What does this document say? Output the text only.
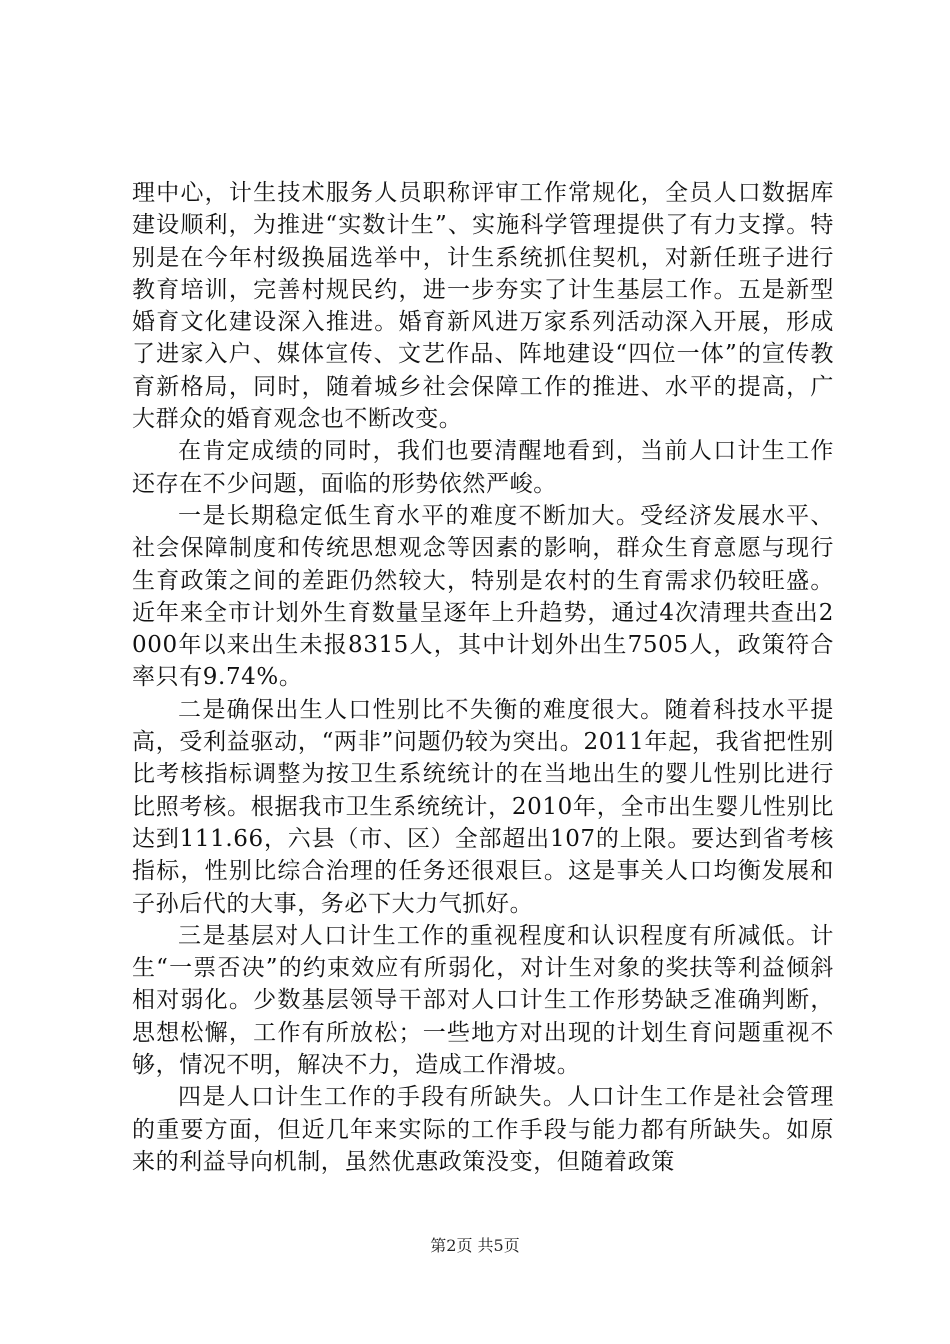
理中心，计生技术服务人员职称评审工作常规化，全员人口数据库建设顺利，为推进“实数计生”、实施科学管理提供了有力支撑。特别是在今年村级换届选举中，计生系统抓住契机，对新任班子进行教育培训，完善村规民约，进一步夯实了计生基层工作。五是新型婚育文化建设深入推进。婚育新风进万家系列活动深入开展，形成了进家入户、媒体宣传、文艺作品、阵地建设“四位一体”的宣传教育新格局，同时，随着城乡社会保障工作的推进、水平的提高，广大群众的婚育观念也不断改变。

在肯定成绩的同时，我们也要清醒地看到，当前人口计生工作还存在不少问题，面临的形势依然严峻。

一是长期稳定低生育水平的难度不断加大。受经济发展水平、社会保障制度和传统思想观念等因素的影响，群众生育意愿与现行生育政策之间的差距仍然较大，特别是农村的生育需求仍较旺盛。近年来全市计划外生育数量呈逐年上升趋势，通过4次清理共查出2000年以来出生未报8315人，其中计划外出生7505人，政策符合率只有9.74%。

二是确保出生人口性别比不失衡的难度很大。随着科技水平提高，受利益驱动，“两非”问题仍较为突出。2011年起，我省把性别比考核指标调整为按卫生系统统计的在当地出生的婴儿性别比进行比照考核。根据我市卫生系统统计，2010年，全市出生婴儿性别比达到111.66，六县（市、区）全部超出107的上限。要达到省考核指标，性别比综合治理的任务还很艰巨。这是事关人口均衡发展和子孙后代的大事，务必下大力气抓好。

三是基层对人口计生工作的重视程度和认识程度有所减低。计生“一票否决”的约束效应有所弱化，对计生对象的奖扶等利益倾斜相对弱化。少数基层领导干部对人口计生工作形势缺乏准确判断，思想松懈，工作有所放松；一些地方对出现的计划生育问题重视不够，情况不明，解决不力，造成工作滑坡。

四是人口计生工作的手段有所缺失。人口计生工作是社会管理的重要方面，但近几年来实际的工作手段与能力都有所缺失。如原来的利益导向机制，虽然优惠政策没变，但随着政策

第2页 共5页
